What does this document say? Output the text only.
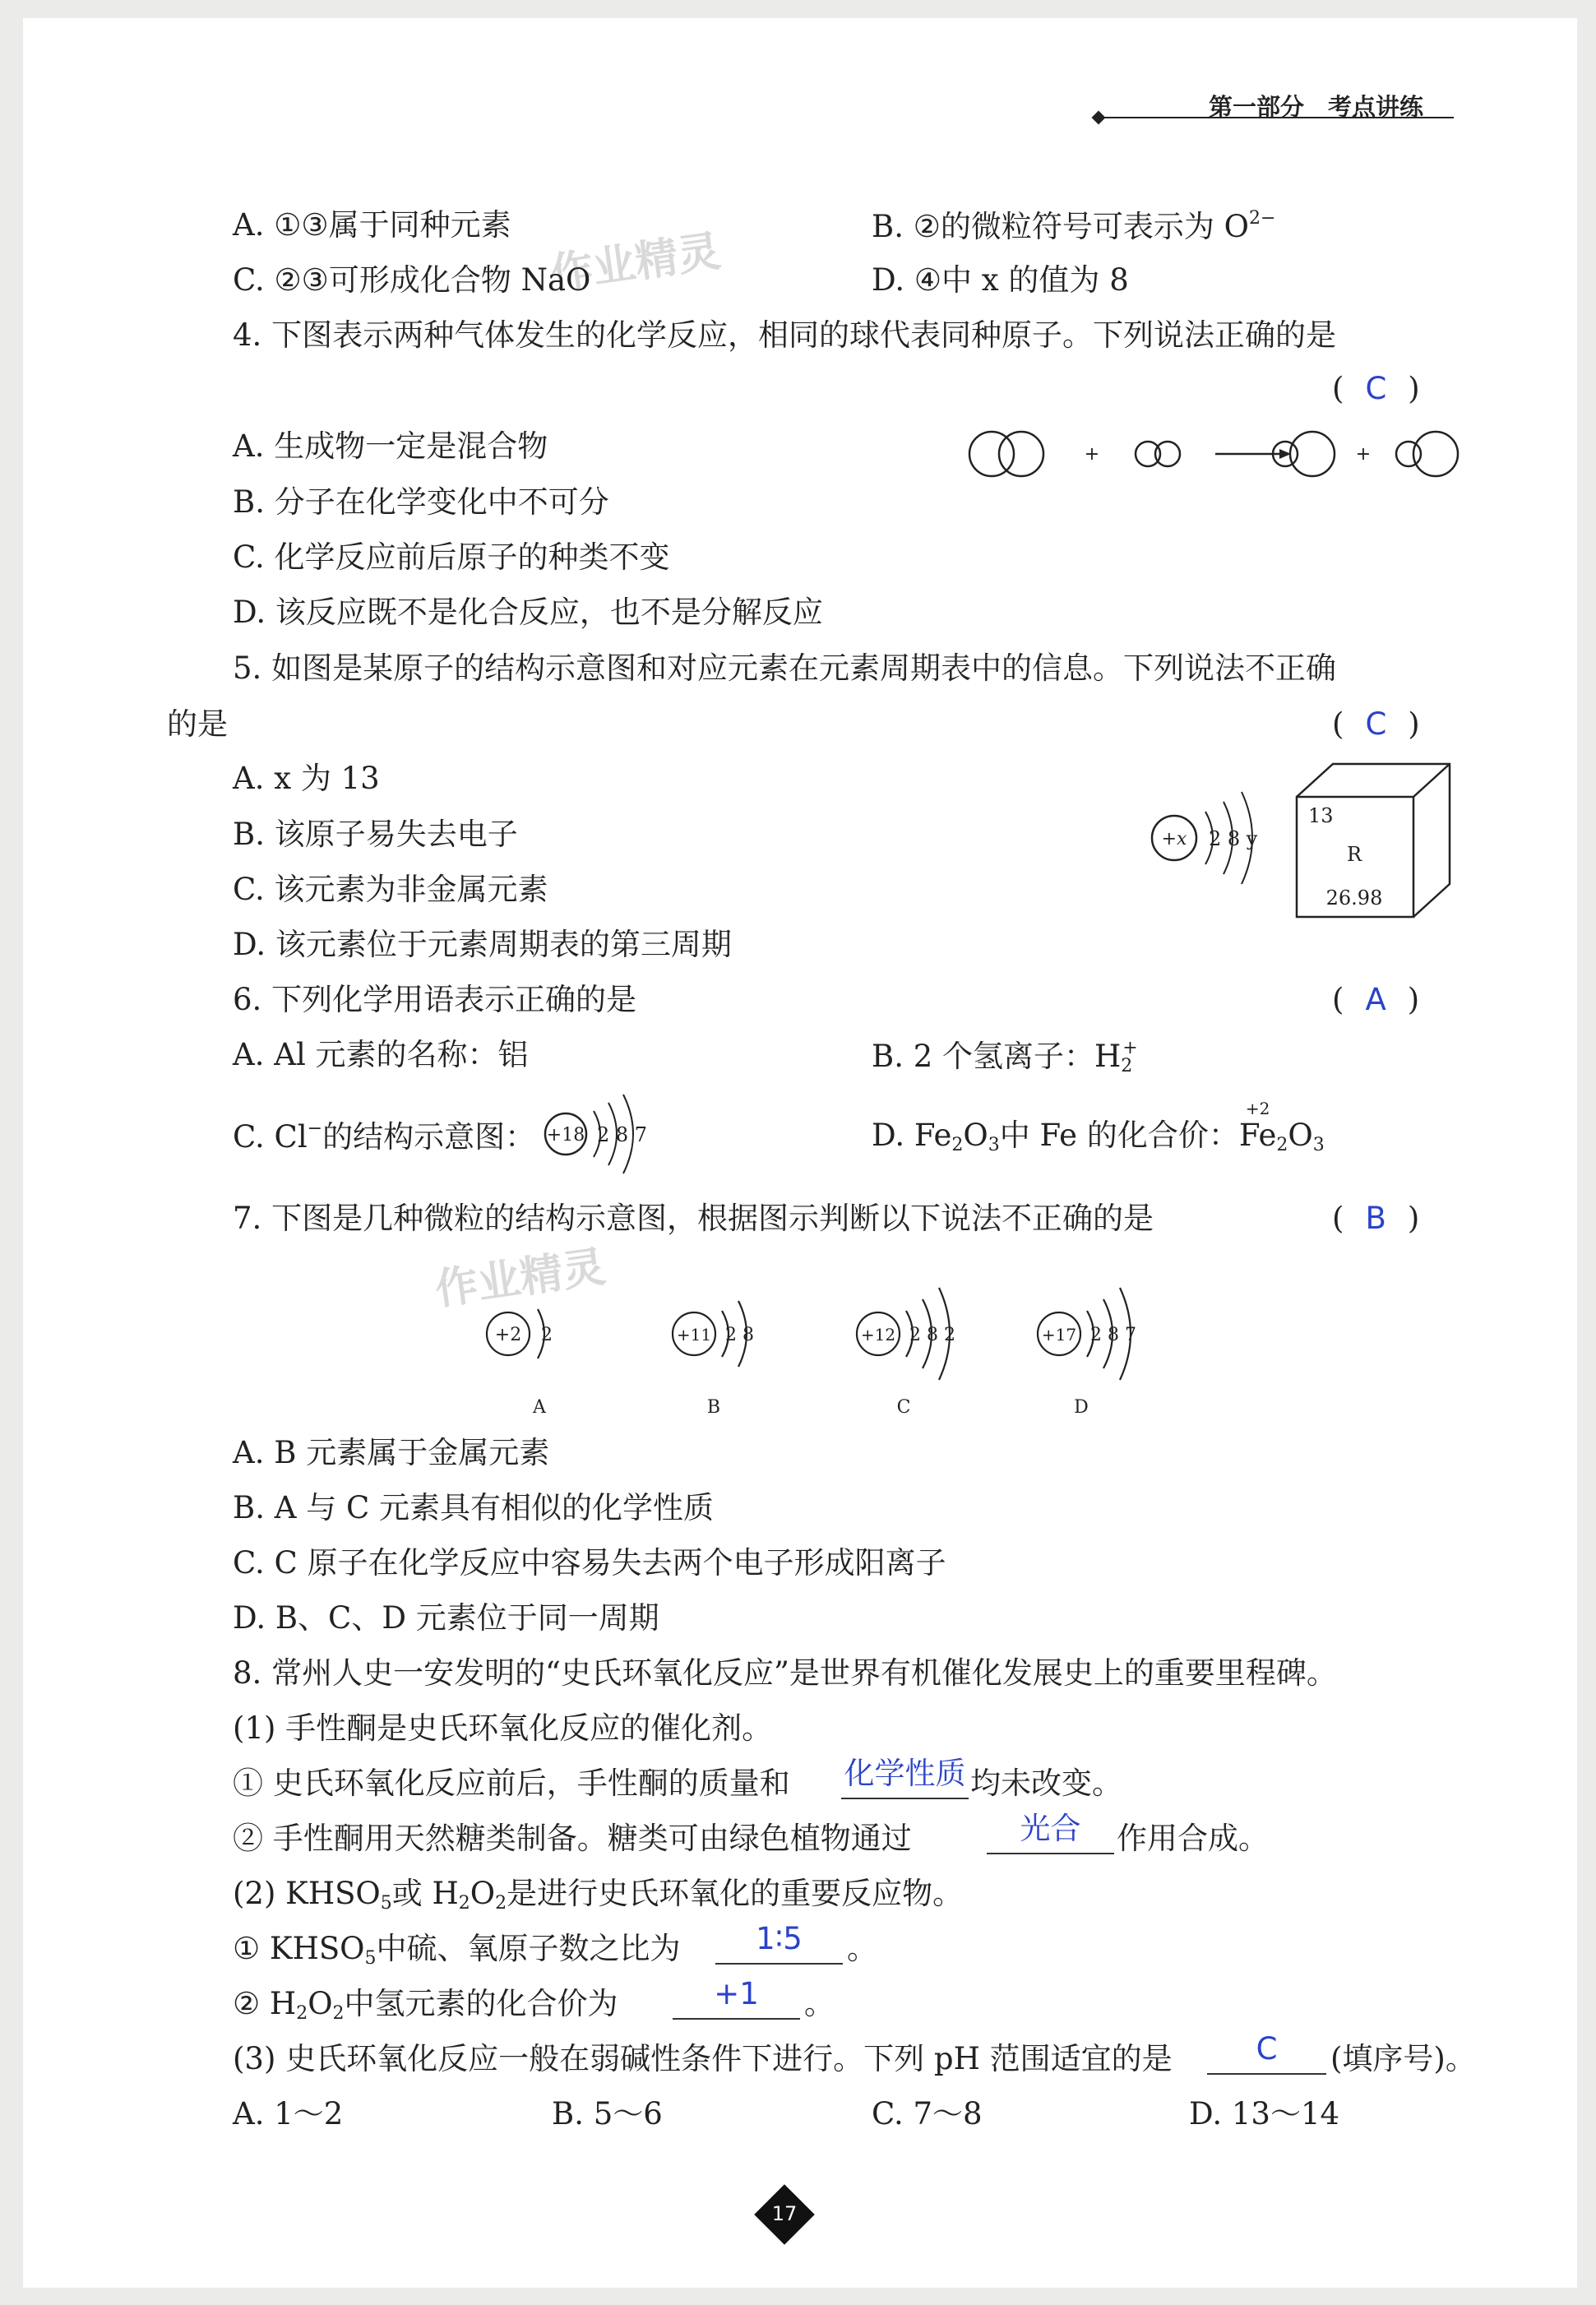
第一部分　考点讲练
作业精灵
作业精灵
A. ①③属于同种元素	B. ②的微粒符号可表示为 $O^{2-}$
C. ②③可形成化合物 NaO	D. ④中 x 的值为 8
4. 下图表示两种气体发生的化学反应，相同的球代表同种原子。下列说法正确的是
( C )
A. 生成物一定是混合物
B. 分子在化学变化中不可分
C. 化学反应前后原子的种类不变
D. 该反应既不是化合反应，也不是分解反应
+	+
5. 如图是某原子的结构示意图和对应元素在元素周期表中的信息。下列说法不正确
的是	( C )
A. x 为 13
B. 该原子易失去电子
C. 该元素为非金属元素
D. 该元素位于元素周期表的第三周期
+x 2 8 y
13
R
26.98
6. 下列化学用语表示正确的是	( A )
A. Al 元素的名称：铝	B. 2 个氢离子：$H_2^+$
C. Cl−的结构示意图： +18 2 8 7	D. $Fe_2O_3$中 Fe 的化合价：
+2
$Fe_2O_3$
7. 下图是几种微粒的结构示意图，根据图示判断以下说法不正确的是	( B )
+2 2
A
+11 2 8
B
+12 2 8 2
C
+17 2 8 7
D
A. B 元素属于金属元素
B. A 与 C 元素具有相似的化学性质
C. C 原子在化学反应中容易失去两个电子形成阳离子
D. B、C、D 元素位于同一周期
8. 常州人史一安发明的“史氏环氧化反应”是世界有机催化发展史上的重要里程碑。
(1) 手性酮是史氏环氧化反应的催化剂。
① 史氏环氧化反应前后，手性酮的质量和 化学性质 均未改变。
② 手性酮用天然糖类制备。糖类可由绿色植物通过	光合	作用合成。
(2) $KHSO_5$或 $H_2O_2$是进行史氏环氧化的重要反应物。
① $KHSO_5$中硫、氧原子数之比为	1∶5	。
② $H_2O_2$中氢元素的化合价为	+1	。
(3) 史氏环氧化反应一般在弱碱性条件下进行。下列 pH 范围适宜的是	C	(填序号)。
A. 1～2	B. 5～6	C. 7～8	D. 13～14
17
